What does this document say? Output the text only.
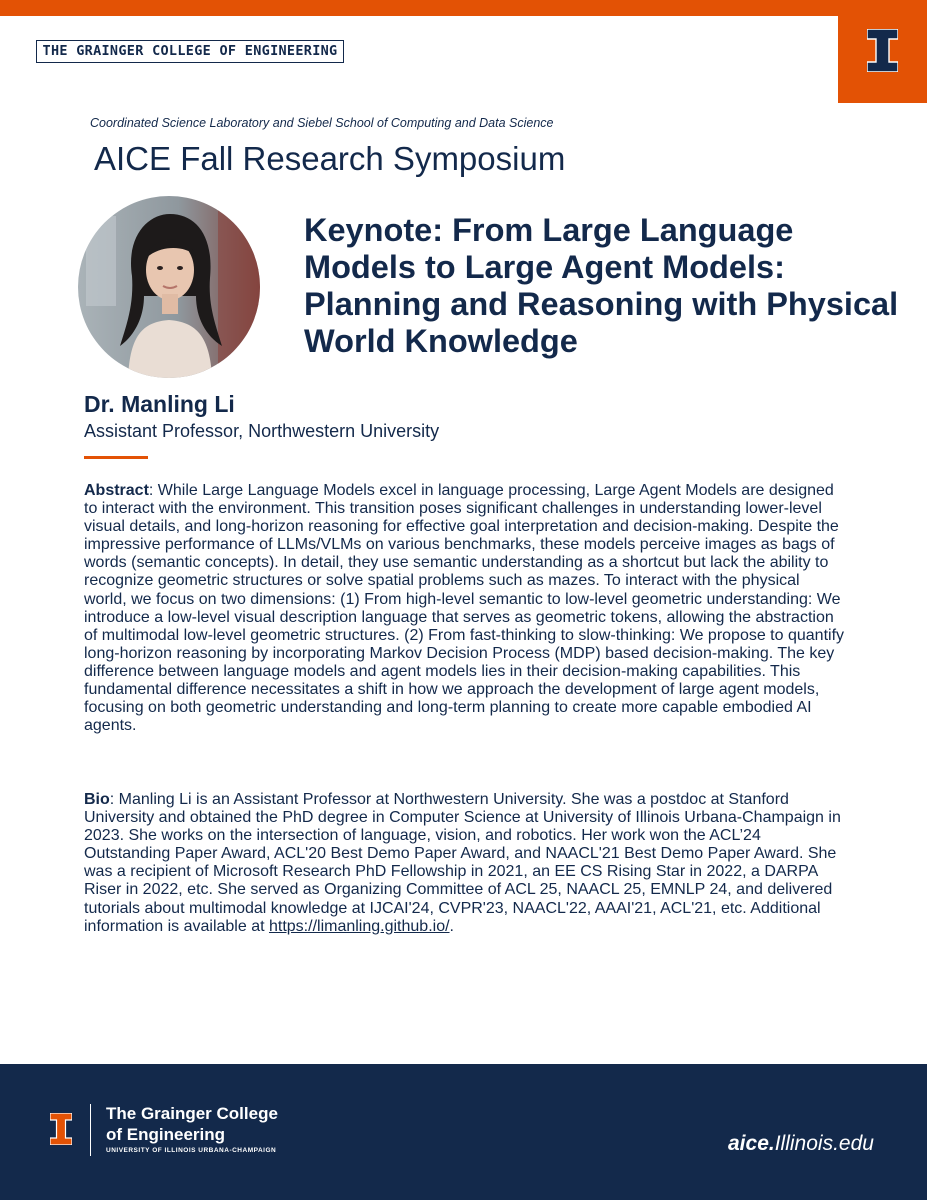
THE GRAINGER COLLEGE OF ENGINEERING
Coordinated Science Laboratory and Siebel School of Computing and Data Science
AICE Fall Research Symposium
Keynote: From Large Language Models to Large Agent Models: Planning and Reasoning with Physical World Knowledge
Dr. Manling Li
Assistant Professor, Northwestern University

Abstract: While Large Language Models excel in language processing, Large Agent Models are designed to interact with the environment. This transition poses significant challenges in understanding lower-level visual details, and long-horizon reasoning for effective goal interpretation and decision-making. Despite the impressive performance of LLMs/VLMs on various benchmarks, these models perceive images as bags of words (semantic concepts). In detail, they use semantic understanding as a shortcut but lack the ability to recognize geometric structures or solve spatial problems such as mazes. To interact with the physical world, we focus on two dimensions: (1) From high-level semantic to low-level geometric understanding: We introduce a low-level visual description language that serves as geometric tokens, allowing the abstraction of multimodal low-level geometric structures. (2) From fast-thinking to slow-thinking: We propose to quantify long-horizon reasoning by incorporating Markov Decision Process (MDP) based decision-making. The key difference between language models and agent models lies in their decision-making capabilities. This fundamental difference necessitates a shift in how we approach the development of large agent models, focusing on both geometric understanding and long-term planning to create more capable embodied AI agents.

Bio: Manling Li is an Assistant Professor at Northwestern University. She was a postdoc at Stanford University and obtained the PhD degree in Computer Science at University of Illinois Urbana-Champaign in 2023. She works on the intersection of language, vision, and robotics. Her work won the ACL’24 Outstanding Paper Award, ACL'20 Best Demo Paper Award, and NAACL'21 Best Demo Paper Award. She was a recipient of Microsoft Research PhD Fellowship in 2021, an EE CS Rising Star in 2022, a DARPA Riser in 2022, etc. She served as Organizing Committee of ACL 25, NAACL 25, EMNLP 24, and delivered tutorials about multimodal knowledge at IJCAI'24, CVPR'23, NAACL'22, AAAI'21, ACL'21, etc. Additional information is available at https://limanling.github.io/.

The Grainger College
of Engineering
UNIVERSITY OF ILLINOIS URBANA-CHAMPAIGN	aice.Illinois.edu
